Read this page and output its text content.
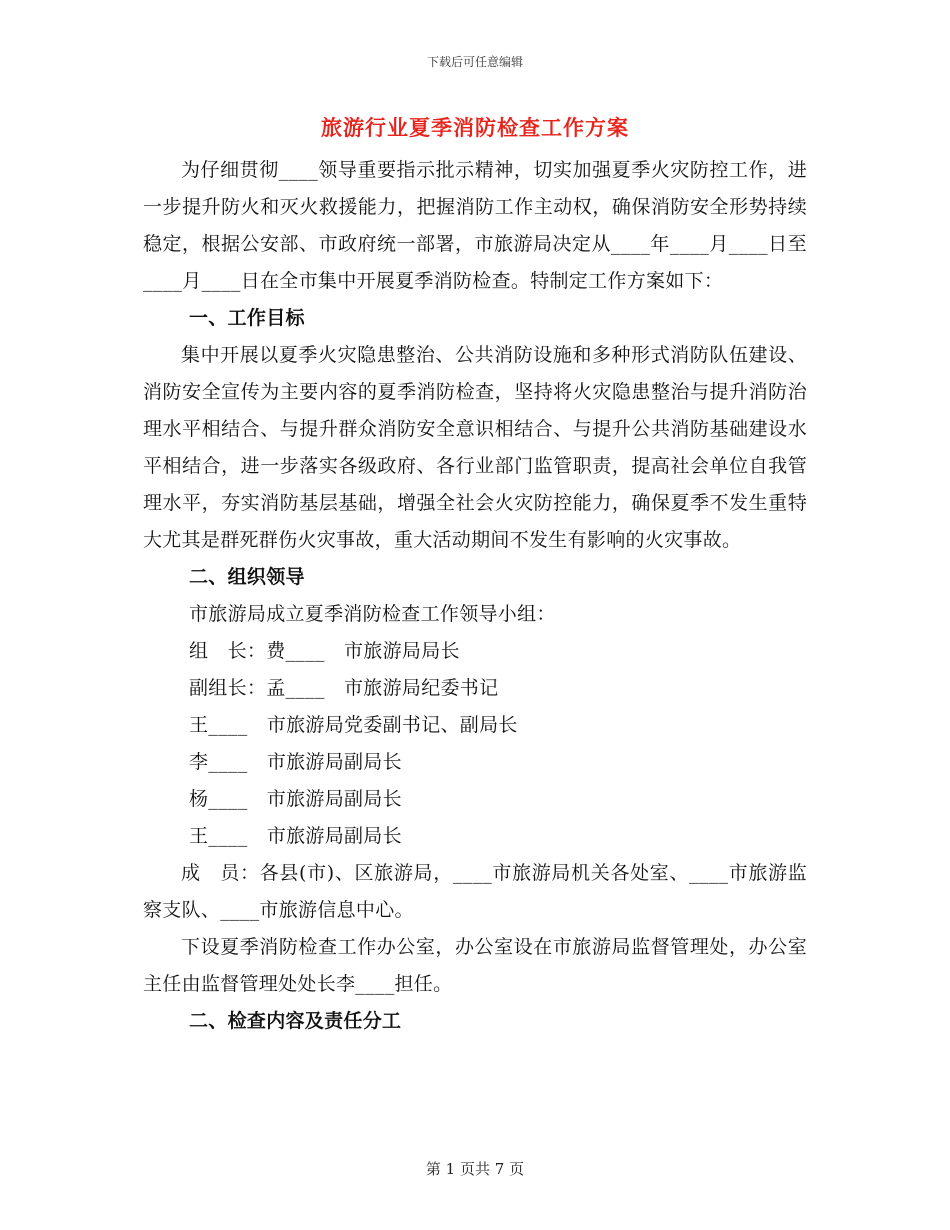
下载后可任意编辑
旅游行业夏季消防检查工作方案

为仔细贯彻____领导重要指示批示精神，切实加强夏季火灾防控工作，进一步提升防火和灭火救援能力，把握消防工作主动权，确保消防安全形势持续稳定，根据公安部、市政府统一部署，市旅游局决定从____年____月____日至____月____日在全市集中开展夏季消防检查。特制定工作方案如下：

一、工作目标

集中开展以夏季火灾隐患整治、公共消防设施和多种形式消防队伍建设、消防安全宣传为主要内容的夏季消防检查，坚持将火灾隐患整治与提升消防治理水平相结合、与提升群众消防安全意识相结合、与提升公共消防基础建设水平相结合，进一步落实各级政府、各行业部门监管职责，提高社会单位自我管理水平，夯实消防基层基础，增强全社会火灾防控能力，确保夏季不发生重特大尤其是群死群伤火灾事故，重大活动期间不发生有影响的火灾事故。

二、组织领导

市旅游局成立夏季消防检查工作领导小组：

组　长：费____　市旅游局局长

副组长：孟____　市旅游局纪委书记

王____　市旅游局党委副书记、副局长

李____　市旅游局副局长

杨____　市旅游局副局长

王____　市旅游局副局长

成　员：各县(市)、区旅游局，____市旅游局机关各处室、____市旅游监察支队、____市旅游信息中心。

下设夏季消防检查工作办公室，办公室设在市旅游局监督管理处，办公室主任由监督管理处处长李____担任。

二、检查内容及责任分工

第 1 页共 7 页
